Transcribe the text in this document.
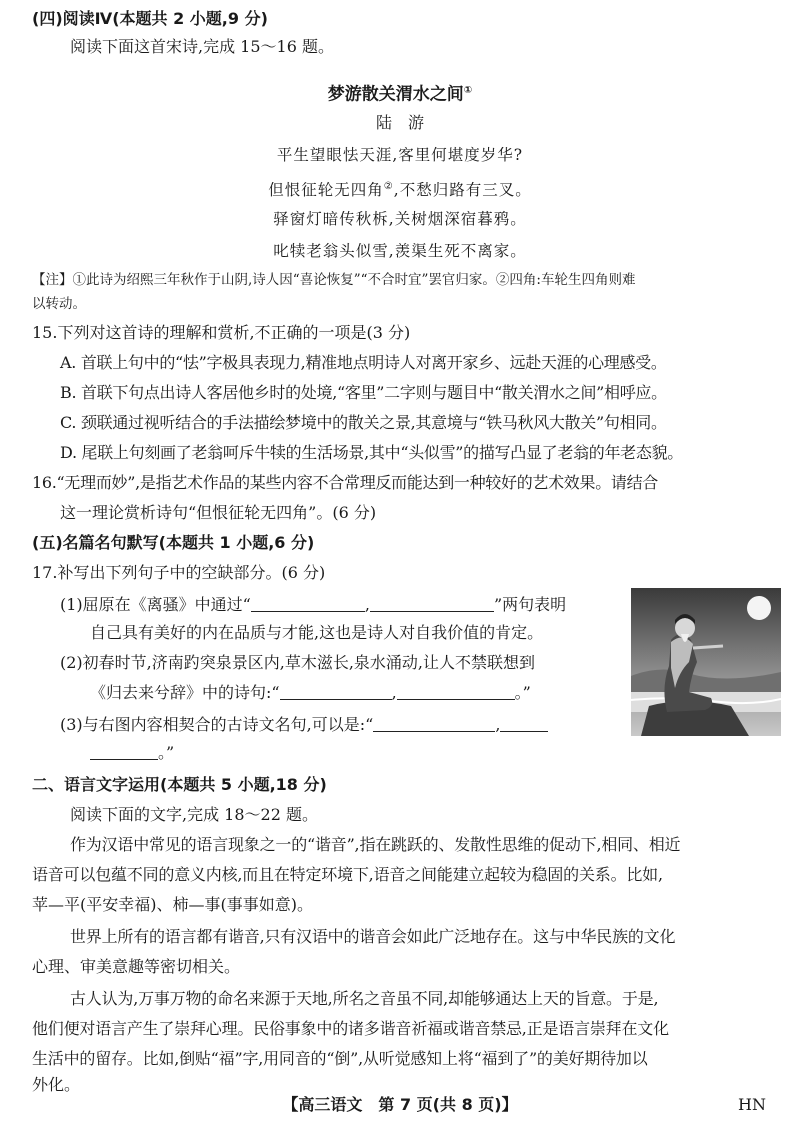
(四)阅读Ⅳ(本题共 2 小题,9 分)
阅读下面这首宋诗,完成 15～16 题。
梦游散关渭水之间①
陆　游
平生望眼怯天涯,客里何堪度岁华?
但恨征轮无四角②,不愁归路有三叉。
驿窗灯暗传秋柝,关树烟深宿暮鸦。
叱犊老翁头似雪,羡渠生死不离家。
【注】①此诗为绍熙三年秋作于山阴,诗人因“喜论恢复”“不合时宜”罢官归家。②四角:车轮生四角则难
以转动。
15.下列对这首诗的理解和赏析,不正确的一项是(3 分)
A. 首联上句中的“怯”字极具表现力,精准地点明诗人对离开家乡、远赴天涯的心理感受。
B. 首联下句点出诗人客居他乡时的处境,“客里”二字则与题目中“散关渭水之间”相呼应。
C. 颈联通过视听结合的手法描绘梦境中的散关之景,其意境与“铁马秋风大散关”句相同。
D. 尾联上句刻画了老翁呵斥牛犊的生活场景,其中“头似雪”的描写凸显了老翁的年老态貌。
16.“无理而妙”,是指艺术作品的某些内容不合常理反而能达到一种较好的艺术效果。请结合
这一理论赏析诗句“但恨征轮无四角”。(6 分)
(五)名篇名句默写(本题共 1 小题,6 分)
17.补写出下列句子中的空缺部分。(6 分)
(1)屈原在《离骚》中通过“	,	”两句表明
自己具有美好的内在品质与才能,这也是诗人对自我价值的肯定。
(2)初春时节,济南趵突泉景区内,草木滋长,泉水涌动,让人不禁联想到
《归去来兮辞》中的诗句:“	,	。”
(3)与右图内容相契合的古诗文名句,可以是:“	,
。”
二、语言文字运用(本题共 5 小题,18 分)
阅读下面的文字,完成 18～22 题。
作为汉语中常见的语言现象之一的“谐音”,指在跳跃的、发散性思维的促动下,相同、相近
语音可以包蕴不同的意义内核,而且在特定环境下,语音之间能建立起较为稳固的关系。比如,
苹—平(平安幸福)、柿—事(事事如意)。
世界上所有的语言都有谐音,只有汉语中的谐音会如此广泛地存在。这与中华民族的文化
心理、审美意趣等密切相关。
古人认为,万事万物的命名来源于天地,所名之音虽不同,却能够通达上天的旨意。于是,
他们便对语言产生了崇拜心理。民俗事象中的诸多谐音祈福或谐音禁忌,正是语言崇拜在文化
生活中的留存。比如,倒贴“福”字,用同音的“倒”,从听觉感知上将“福到了”的美好期待加以
外化。
【高三语文　第 7 页(共 8 页)】	HN
